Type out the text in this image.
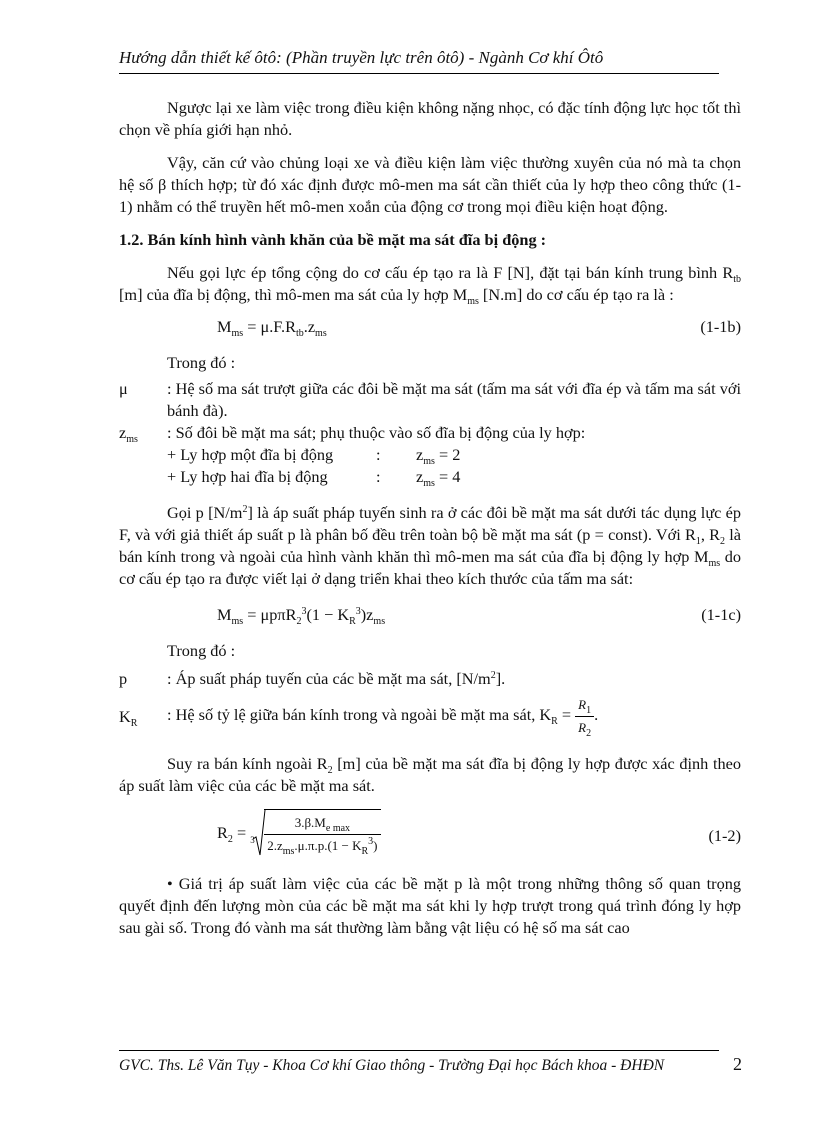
Hướng dẫn thiết kế ôtô: (Phần truyền lực trên ôtô) - Ngành Cơ khí Ôtô

Ngược lại xe làm việc trong điều kiện không nặng nhọc, có đặc tính động lực học tốt thì chọn về phía giới hạn nhỏ.

Vậy, căn cứ vào chủng loại xe và điều kiện làm việc thường xuyên của nó mà ta chọn hệ số β thích hợp; từ đó xác định được mô-men ma sát cần thiết của ly hợp theo công thức (1-1) nhằm có thể truyền hết mô-men xoắn của động cơ trong mọi điều kiện hoạt động.

1.2. Bán kính hình vành khăn của bề mặt ma sát đĩa bị động :

Nếu gọi lực ép tổng cộng do cơ cấu ép tạo ra là F [N], đặt tại bán kính trung bình $R_{tb}$ [m] của đĩa bị động, thì mô-men ma sát của ly hợp $M_{ms}$ [N.m] do cơ cấu ép tạo ra là :

$M_{ms} = \mu.F.R_{tb}.z_{ms}$	(1-1b)
Trong đó :
μ	: Hệ số ma sát trượt giữa các đôi bề mặt ma sát (tấm ma sát với đĩa ép và tấm ma sát với bánh đà).
$z_{ms}$	: Số đôi bề mặt ma sát; phụ thuộc vào số đĩa bị động của ly hợp:
+ Ly hợp một đĩa bị động	:	$z_{ms} = 2$
+ Ly hợp hai đĩa bị động	:	$z_{ms} = 4$

Gọi p $[N/m^2]$ là áp suất pháp tuyến sinh ra ở các đôi bề mặt ma sát dưới tác dụng lực ép F, và với giả thiết áp suất p là phân bố đều trên toàn bộ bề mặt ma sát (p = const). Với $R_1$, $R_2$ là bán kính trong và ngoài của hình vành khăn thì mô-men ma sát của đĩa bị động ly hợp $M_{ms}$ do cơ cấu ép tạo ra được viết lại ở dạng triển khai theo kích thước của tấm ma sát:

$M_{ms} = \mu p\pi R_2^3(1 - K_R^3)z_{ms}$	(1-1c)
Trong đó :
p	: Áp suất pháp tuyến của các bề mặt ma sát, $[N/m^2]$.
$K_R$	: Hệ số tỷ lệ giữa bán kính trong và ngoài bề mặt ma sát, $K_R = \frac{R_1}{R_2}$ .

Suy ra bán kính ngoài $R_2$ [m] của bề mặt ma sát đĩa bị động ly hợp được xác định theo áp suất làm việc của các bề mặt ma sát.

$R_2 = 3 \frac{3.\beta.M_{e max}}{2.z_{ms}.\mu.\pi.p.(1 - K_R^3)}$	(1-2)

• Giá trị áp suất làm việc của các bề mặt p là một trong những thông số quan trọng quyết định đến lượng mòn của các bề mặt ma sát khi ly hợp trượt trong quá trình đóng ly hợp sau gài số. Trong đó vành ma sát thường làm bằng vật liệu có hệ số ma sát cao

GVC. Ths. Lê Văn Tụy - Khoa Cơ khí Giao thông - Trường Đại học Bách khoa - ĐHĐN	2
